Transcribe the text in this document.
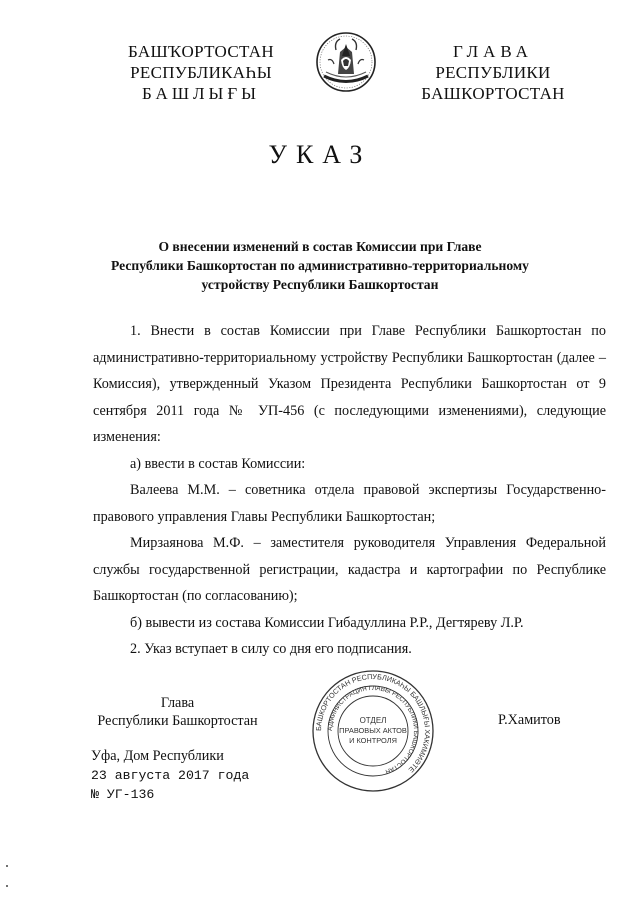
БАШҠОРТОСТАН
РЕСПУБЛИКАҺЫ
БАШЛЫҒЫ
ГЛАВА
РЕСПУБЛИКИ
БАШКОРТОСТАН
УКАЗ
О внесении изменений в состав Комиссии при Главе
Республики Башкортостан по административно-территориальному
устройству Республики Башкортостан

1. Внести в состав Комиссии при Главе Республики Башкортостан по административно-территориальному устройству Республики Башкортостан (далее – Комиссия), утвержденный Указом Президента Республики Башкортостан от 9 сентября 2011 года № УП-456 (с последующими изменениями), следующие изменения:

а) ввести в состав Комиссии:

Валеева М.М. – советника отдела правовой экспертизы Государственно-правового управления Главы Республики Башкортостан;

Мирзаянова М.Ф. – заместителя руководителя Управления Федеральной службы государственной регистрации, кадастра и картографии по Республике Башкортостан (по согласованию);

б) вывести из состава Комиссии Гибадуллина Р.Р., Дегтяреву Л.Р.

2. Указ вступает в силу со дня его подписания.

Глава
Республики Башкортостан	БАШКОРТОСТАН РЕСПУБЛИКАҺЫ БАШЛЫҒЫ ХАКИМИӘТЕ
АДМИНИСТРАЦИЯ ГЛАВЫ РЕСПУБЛИКИ БАШКОРТОСТАН
ОТДЕЛ
ПРАВОВЫХ АКТОВ
И КОНТРОЛЯ
Р.Хамитов
Уфа, Дом Республики
23 августа 2017 года
№ УГ-136
